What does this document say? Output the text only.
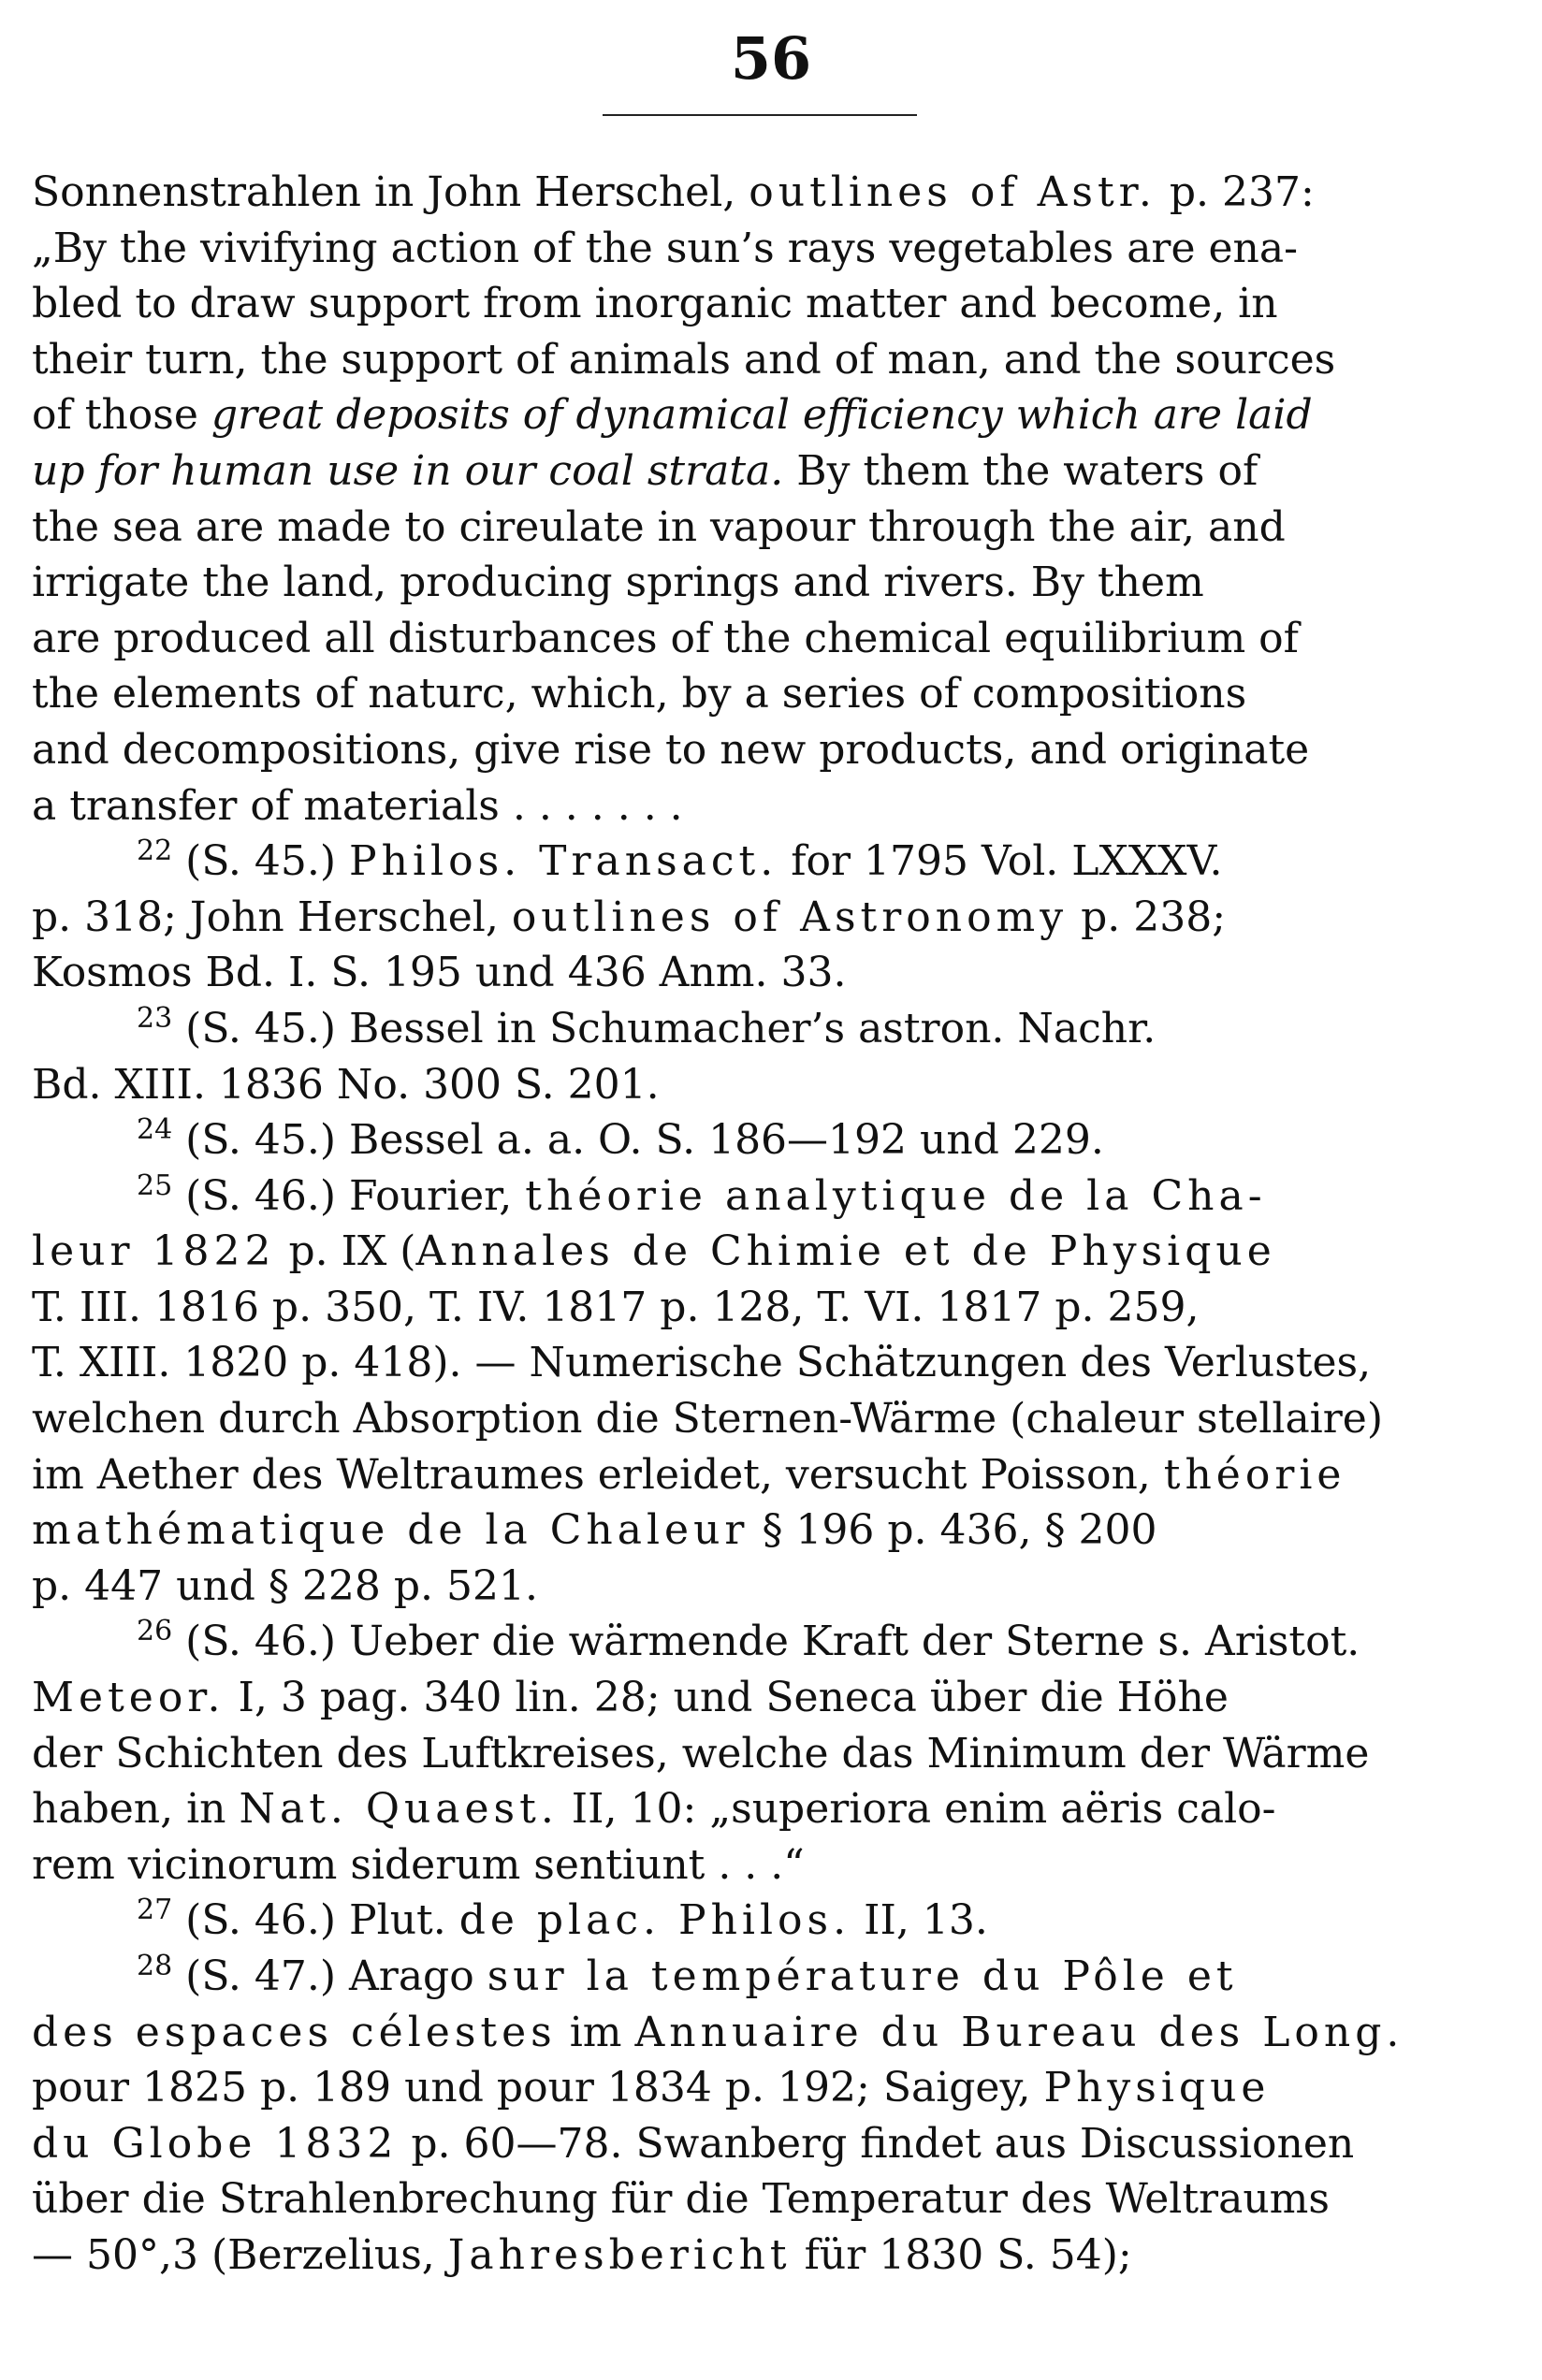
56
Sonnenstrahlen in John Herschel, outlines of Astr. p. 237:
„By the vivifying action of the sun’s rays vegetables are ena-
bled to draw support from inorganic matter and become, in
their turn, the support of animals and of man, and the sources
of those great deposits of dynamical efficiency which are laid
up for human use in our coal strata. By them the waters of
the sea are made to cireulate in vapour through the air, and
irrigate the land, producing springs and rivers. By them
are produced all disturbances of the chemical equilibrium of
the elements of naturc, which, by a series of compositions
and decompositions, give rise to new products, and originate
a transfer of materials . . . . . . .
$^{22}$ (S. 45.) Philos. Transact. for 1795 Vol. LXXXV.
p. 318; John Herschel, outlines of Astronomy p. 238;
Kosmos Bd. I. S. 195 und 436 Anm. 33.
$^{23}$ (S. 45.) Bessel in Schumacher’s astron. Nachr.
Bd. XIII. 1836 No. 300 S. 201.
$^{24}$ (S. 45.) Bessel a. a. O. S. 186—192 und 229.
$^{25}$ (S. 46.) Fourier, théorie analytique de la Cha-
leur 1822 p. IX (Annales de Chimie et de Physique
T. III. 1816 p. 350, T. IV. 1817 p. 128, T. VI. 1817 p. 259,
T. XIII. 1820 p. 418). — Numerische Schätzungen des Verlustes,
welchen durch Absorption die Sternen-Wärme (chaleur stellaire)
im Aether des Weltraumes erleidet, versucht Poisson, théorie
mathématique de la Chaleur § 196 p. 436, § 200
p. 447 und § 228 p. 521.
$^{26}$ (S. 46.) Ueber die wärmende Kraft der Sterne s. Aristot.
Meteor. I, 3 pag. 340 lin. 28; und Seneca über die Höhe
der Schichten des Luftkreises, welche das Minimum der Wärme
haben, in Nat. Quaest. II, 10: „superiora enim aëris calo-
rem vicinorum siderum sentiunt . . .“
$^{27}$ (S. 46.) Plut. de plac. Philos. II, 13.
$^{28}$ (S. 47.) Arago sur la température du Pôle et
des espaces célestes im Annuaire du Bureau des Long.
pour 1825 p. 189 und pour 1834 p. 192; Saigey, Physique
du Globe 1832 p. 60—78. Swanberg findet aus Discussionen
über die Strahlenbrechung für die Temperatur des Weltraums
— 50°,3 (Berzelius, Jahresbericht für 1830 S. 54);
